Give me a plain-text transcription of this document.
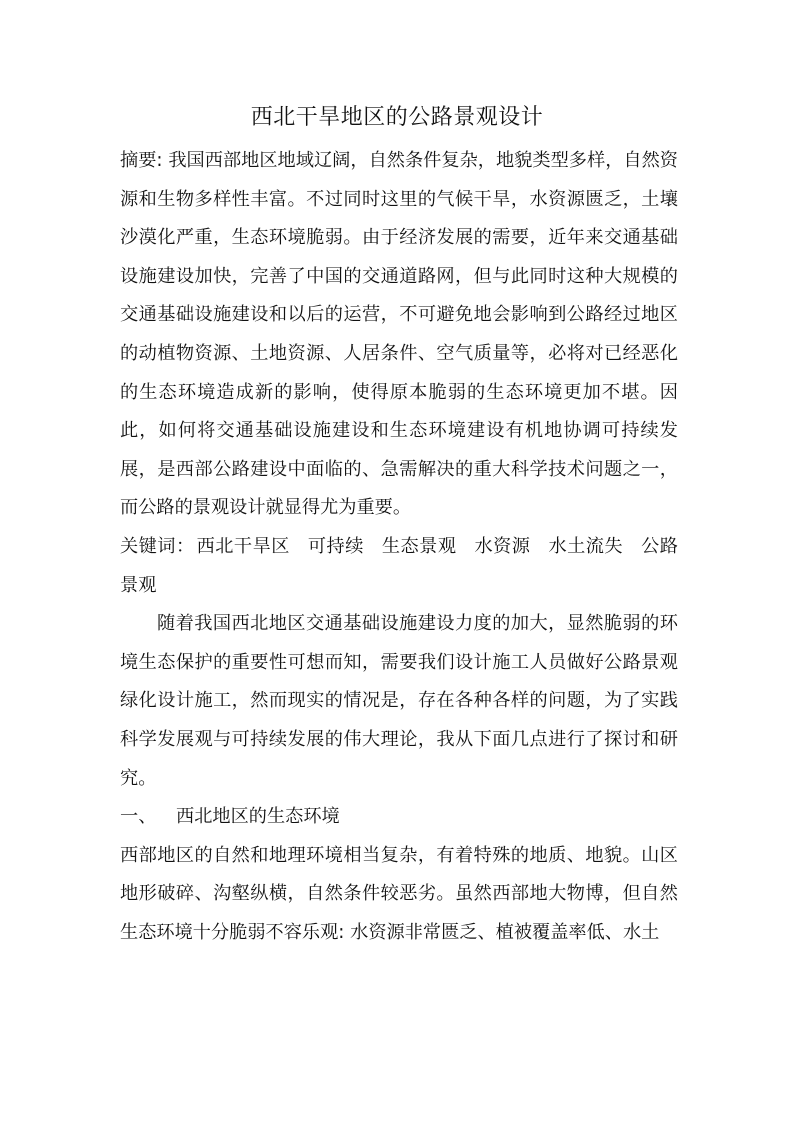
西北干旱地区的公路景观设计

摘要: 我国西部地区地域辽阔，自然条件复杂，地貌类型多样，自然资源和生物多样性丰富。不过同时这里的气候干旱，水资源匮乏，土壤沙漠化严重，生态环境脆弱。由于经济发展的需要，近年来交通基础设施建设加快，完善了中国的交通道路网，但与此同时这种大规模的交通基础设施建设和以后的运营，不可避免地会影响到公路经过地区的动植物资源、土地资源、人居条件、空气质量等，必将对已经恶化的生态环境造成新的影响，使得原本脆弱的生态环境更加不堪。因此，如何将交通基础设施建设和生态环境建设有机地协调可持续发展，是西部公路建设中面临的、急需解决的重大科学技术问题之一，而公路的景观设计就显得尤为重要。

关键词： 西北干旱区 可持续 生态景观 水资源 水土流失 公路景观

随着我国西北地区交通基础设施建设力度的加大，显然脆弱的环境生态保护的重要性可想而知，需要我们设计施工人员做好公路景观绿化设计施工，然而现实的情况是，存在各种各样的问题，为了实践科学发展观与可持续发展的伟大理论，我从下面几点进行了探讨和研究。

一、 西北地区的生态环境

西部地区的自然和地理环境相当复杂，有着特殊的地质、地貌。山区地形破碎、沟壑纵横，自然条件较恶劣。虽然西部地大物博，但自然生态环境十分脆弱不容乐观: 水资源非常匮乏、植被覆盖率低、水土
